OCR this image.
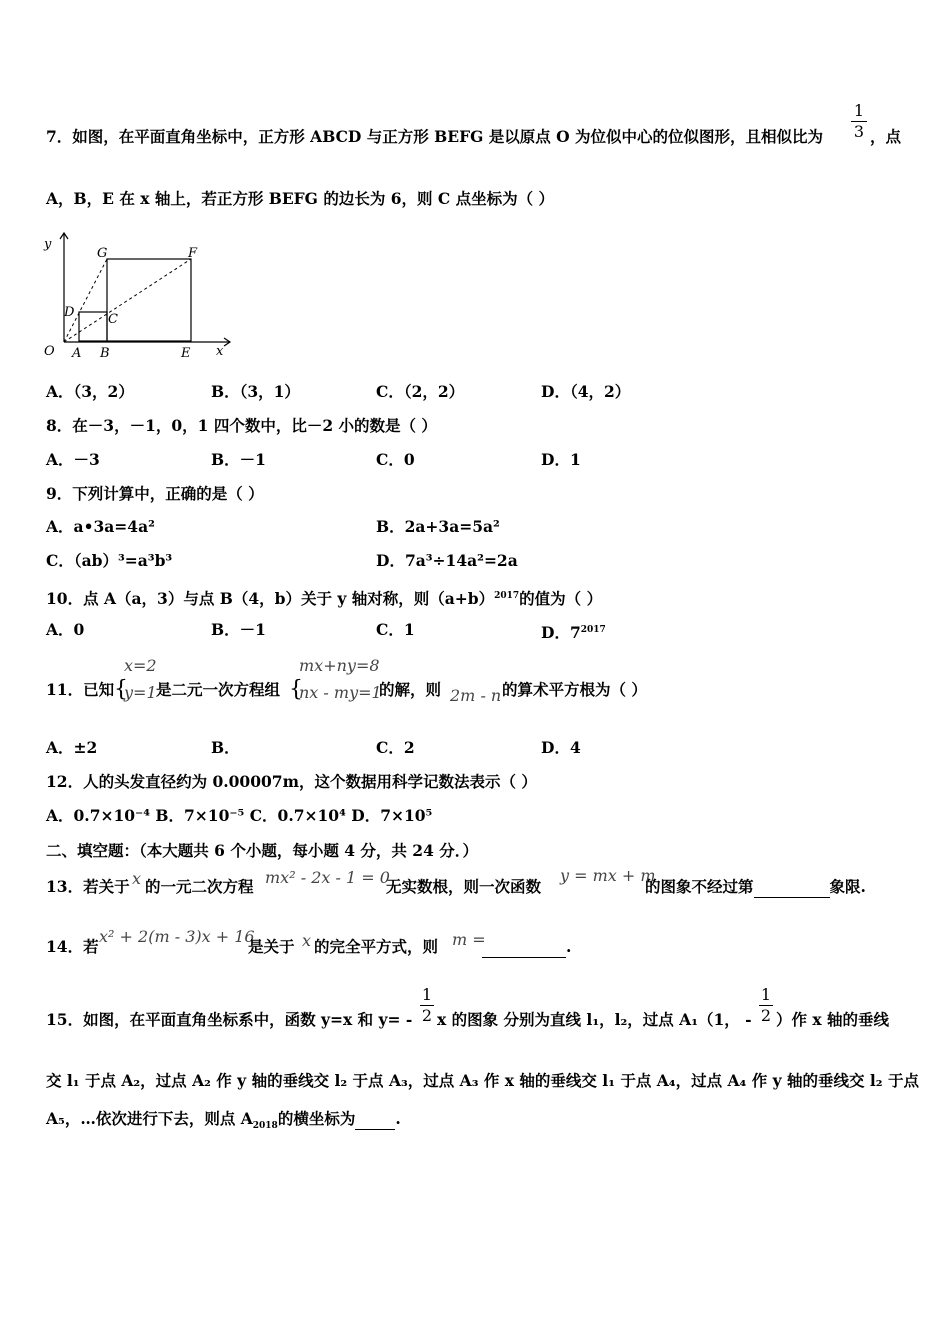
7．如图，在平面直角坐标中，正方形 ABCD 与正方形 BEFG 是以原点 O 为位似中心的位似图形，且相似比为
1
3 ，点
A，B，E 在 x 轴上，若正方形 BEFG 的边长为 6，则 C 点坐标为（ ）
y
x
O A B	E
D	C
G	F
A．（3，2）	B．（3，1）	C．（2，2）	D．（4，2）
8．在－3，－1，0，1 四个数中，比－2 小的数是（ ）
A．－3	B．－1	C．0	D．1
9．下列计算中，正确的是（ ）
A．a•3a=4a²	B．2a+3a=5a²
C．（ab）³=a³b³	D．7a³÷14a²=2a
10．点 A（a，3）与点 B（4，b）关于 y 轴对称，则$(a+b)^{2017}$的值为（ ）
A．0	B．－1	C．1	D．$7^{2017}$
11．已知 {
x=2
y=1 是二元一次方程组 {
mx+ny=8
nx - my=1
的解，则 2m - n 的算术平方根为（ ）
A．±2	B．	C．2	D．4
12．人的头发直径约为 0.00007m，这个数据用科学记数法表示（ ）
A．0.7×10⁻⁴ B．7×10⁻⁵ C．0.7×10⁴ D．7×10⁵
二、填空题：（本大题共 6 个小题，每小题 4 分，共 24 分．）
13．若关于 x 的一元二次方程 mx² - 2x - 1 = 0
无实数根，则一次函数
y = mx + m
的图象不经过第	象限.
14．若
x² + 2(m - 3)x + 16
是关于 x 的完全平方式，则 m =	.
15．如图，在平面直角坐标系中，函数 y=x 和 y= -
1
2 x 的图象 分别为直线 l₁，l₂，过点 A₁（1， -
1
2 ）作 x 轴的垂线
交 l₁ 于点 A₂，过点 A₂ 作 y 轴的垂线交 l₂ 于点 A₃，过点 A₃ 作 x 轴的垂线交 l₁ 于点 A₄，过点 A₄ 作 y 轴的垂线交 l₂ 于点
A₅，…依次进行下去，则点 $A_{2018}$的横坐标为	.
